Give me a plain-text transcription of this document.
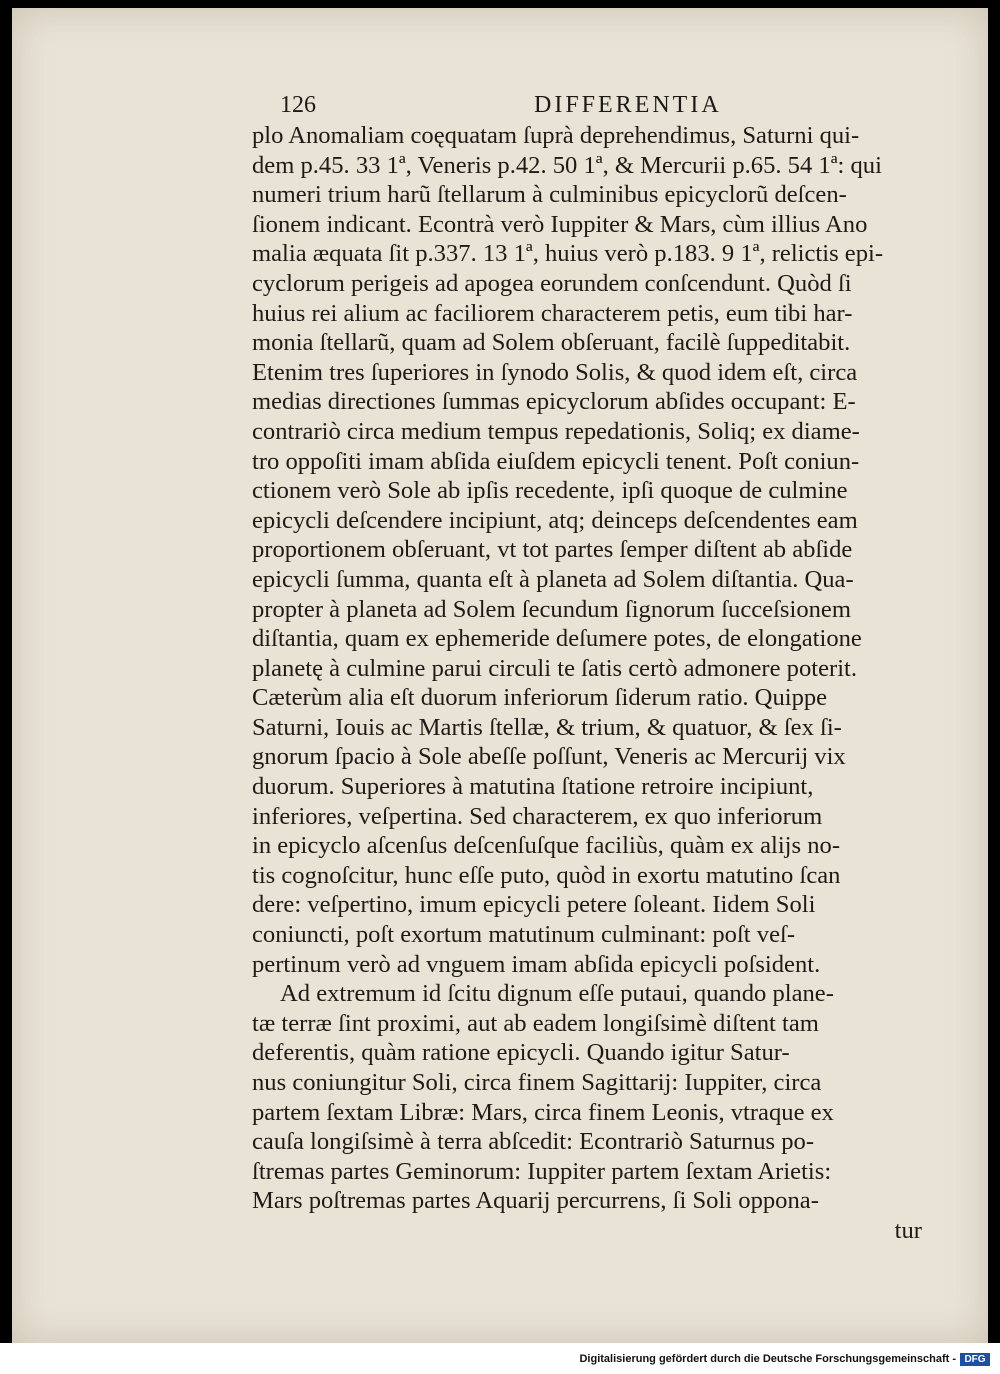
126	DIFFERENTIA
plo Anomaliam coęquatam ſuprà deprehendimus, Saturni qui-
dem p.45. 33 1ª, Veneris p.42. 50 1ª, & Mercurii p.65. 54 1ª: qui
numeri trium harũ ſtellarum à culminibus epicyclorũ deſcen-
ſionem indicant. Econtrà verò Iuppiter & Mars, cùm illius Ano
malia æquata ſit p.337. 13 1ª, huius verò p.183. 9 1ª, relictis epi-
cyclorum perigeis ad apogea eorundem conſcendunt. Quòd ſi
huius rei alium ac faciliorem characterem petis, eum tibi har-
monia ſtellarũ, quam ad Solem obſeruant, facilè ſuppeditabit.
Etenim tres ſuperiores in ſynodo Solis, & quod idem eſt, circa
medias directiones ſummas epicyclorum abſides occupant: E-
contrariò circa medium tempus repedationis, Soliq; ex diame-
tro oppoſiti imam abſida eiuſdem epicycli tenent. Poſt coniun-
ctionem verò Sole ab ipſis recedente, ipſi quoque de culmine
epicycli deſcendere incipiunt, atq; deinceps deſcendentes eam
proportionem obſeruant, vt tot partes ſemper diſtent ab abſide
epicycli ſumma, quanta eſt à planeta ad Solem diſtantia. Qua-
propter à planeta ad Solem ſecundum ſignorum ſucceſsionem
diſtantia, quam ex ephemeride deſumere potes, de elongatione
planetę à culmine parui circuli te ſatis certò admonere poterit.
Cæterùm alia eſt duorum inferiorum ſiderum ratio. Quippe
Saturni, Iouis ac Martis ſtellæ, & trium, & quatuor, & ſex ſi-
gnorum ſpacio à Sole abeſſe poſſunt, Veneris ac Mercurij vix
duorum. Superiores à matutina ſtatione retroire incipiunt,
inferiores, veſpertina. Sed characterem, ex quo inferiorum
in epicyclo aſcenſus deſcenſuſque faciliùs, quàm ex alijs no-
tis cognoſcitur, hunc eſſe puto, quòd in exortu matutino ſcan
dere: veſpertino, imum epicycli petere ſoleant. Iidem Soli
coniuncti, poſt exortum matutinum culminant: poſt veſ-
pertinum verò ad vnguem imam abſida epicycli poſsident.
Ad extremum id ſcitu dignum eſſe putaui, quando plane-
tæ terræ ſint proximi, aut ab eadem longiſsimè diſtent tam
deferentis, quàm ratione epicycli. Quando igitur Satur-
nus coniungitur Soli, circa finem Sagittarij: Iuppiter, circa
partem ſextam Libræ: Mars, circa finem Leonis, vtraque ex
cauſa longiſsimè à terra abſcedit: Econtrariò Saturnus po-
ſtremas partes Geminorum: Iuppiter partem ſextam Arietis:
Mars poſtremas partes Aquarij percurrens, ſi Soli oppona-
tur
Digitalisierung gefördert durch die Deutsche Forschungsgemeinschaft - DFG
